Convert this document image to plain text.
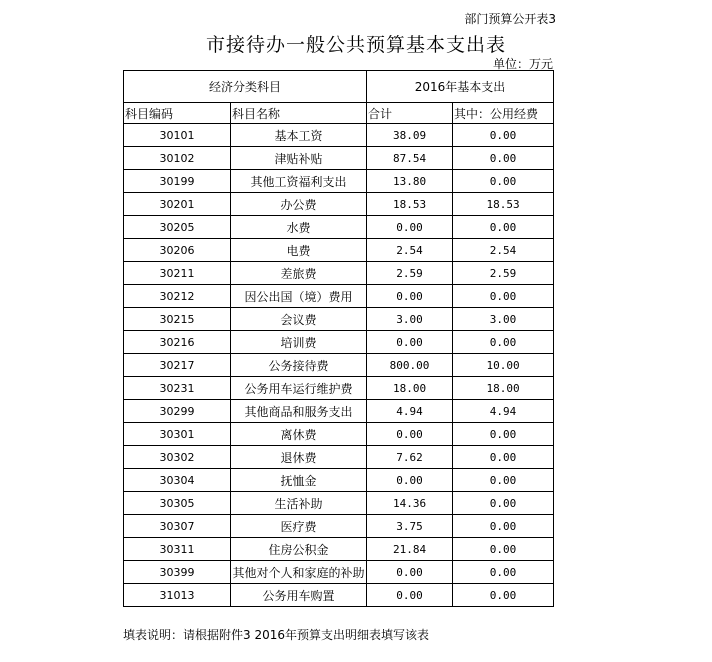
部门预算公开表3
市接待办一般公共预算基本支出表
单位：万元
经济分类科目		2016年基本支出	
科目编码	科目名称	合计	其中：公用经费
30101	基本工资	38.09	0.00
30102	津贴补贴	87.54	0.00
30199	其他工资福利支出	13.80	0.00
30201	办公费	18.53	18.53
30205	水费	0.00	0.00
30206	电费	2.54	2.54
30211	差旅费	2.59	2.59
30212	因公出国（境）费用	0.00	0.00
30215	会议费	3.00	3.00
30216	培训费	0.00	0.00
30217	公务接待费	800.00	10.00
30231	公务用车运行维护费	18.00	18.00
30299	其他商品和服务支出	4.94	4.94
30301	离休费	0.00	0.00
30302	退休费	7.62	0.00
30304	抚恤金	0.00	0.00
30305	生活补助	14.36	0.00
30307	医疗费	3.75	0.00
30311	住房公积金	21.84	0.00
30399	其他对个人和家庭的补助	0.00	0.00
31013	公务用车购置	0.00	0.00
填表说明：请根据附件3 2016年预算支出明细表填写该表
